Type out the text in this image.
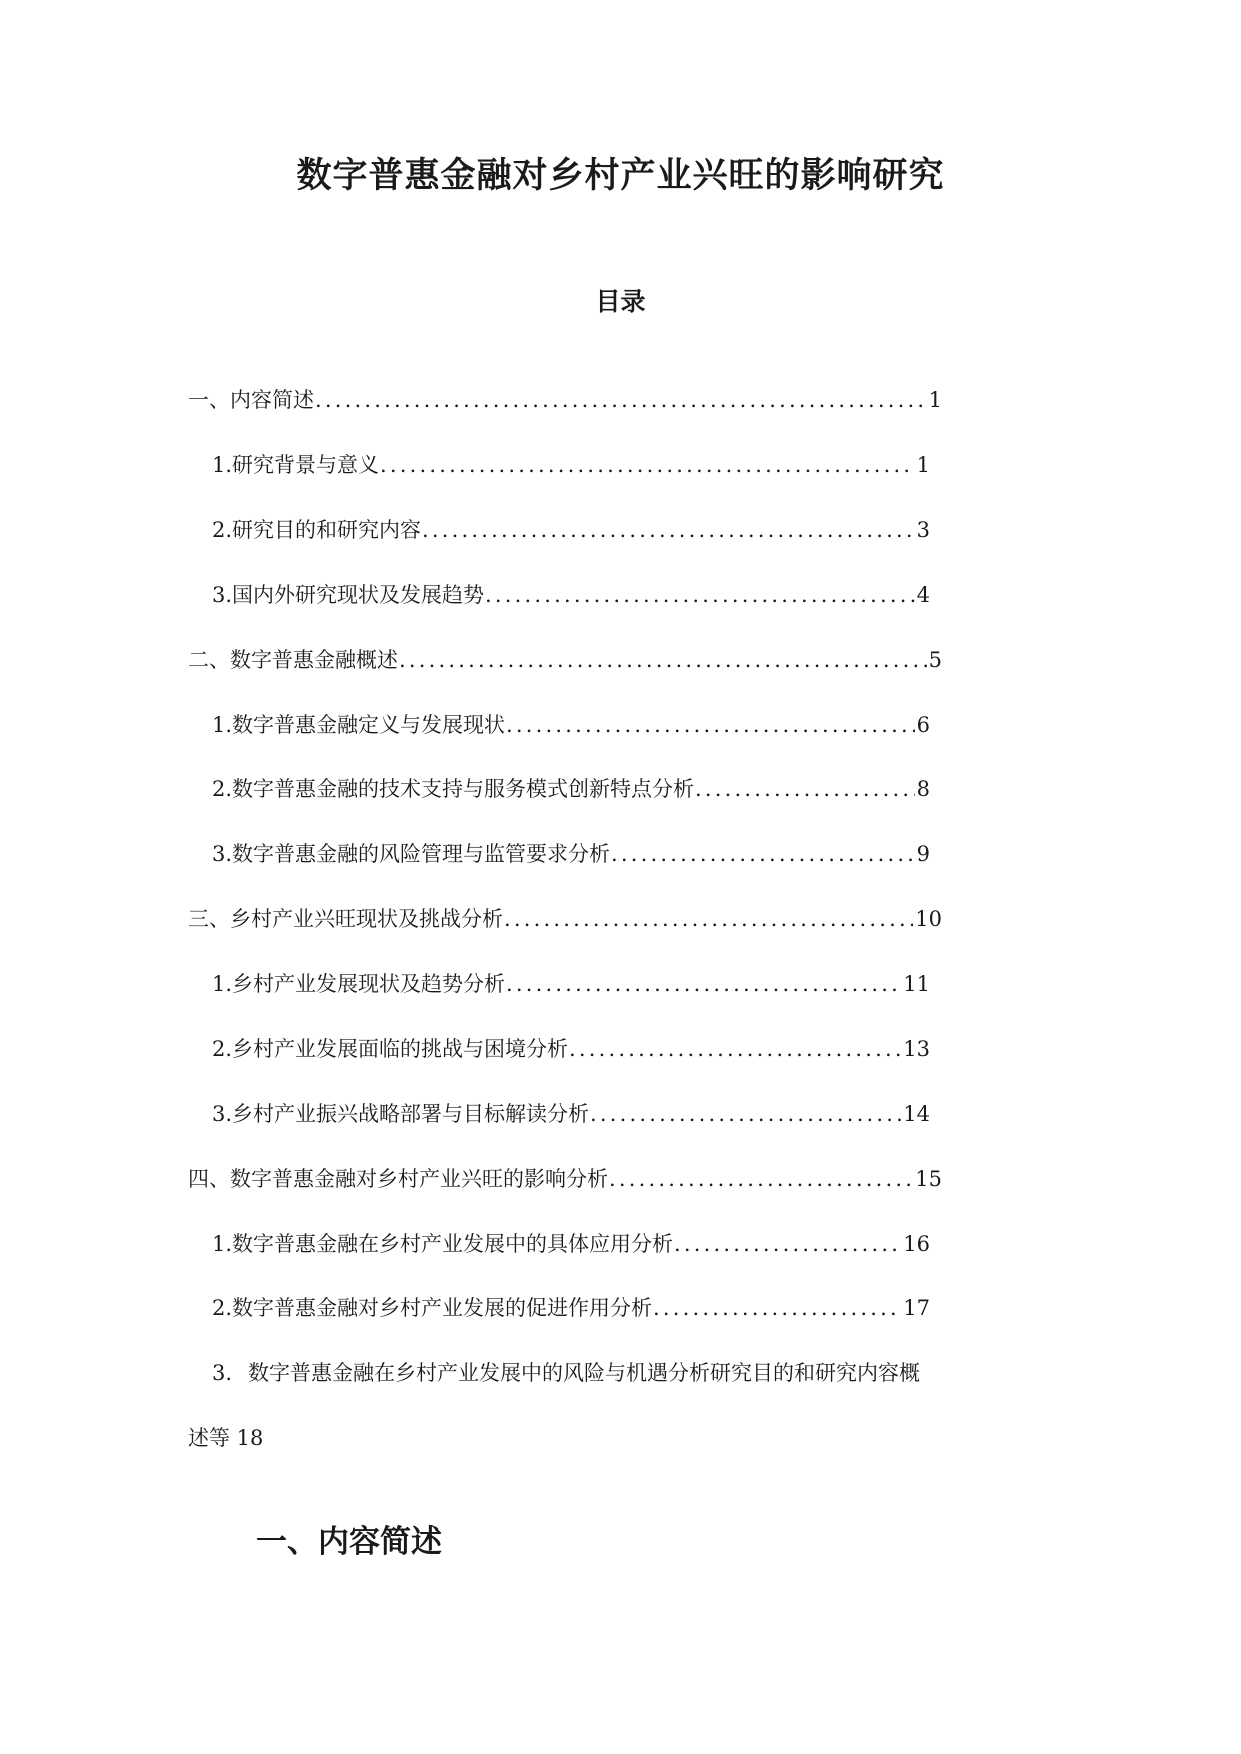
数字普惠金融对乡村产业兴旺的影响研究
目录
一、内容简述 .....	1
1. 研究背景与意义 .....	1
2. 研究目的和研究内容 .....	3
3. 国内外研究现状及发展趋势 .....	4
二、数字普惠金融概述 .....	5
1. 数字普惠金融定义与发展现状 .....	6
2. 数字普惠金融的技术支持与服务模式创新特点分析 .....	8
3. 数字普惠金融的风险管理与监管要求分析 .....	9
三、乡村产业兴旺现状及挑战分析 .....	10
1. 乡村产业发展现状及趋势分析 .....	11
2. 乡村产业发展面临的挑战与困境分析 .....	13
3. 乡村产业振兴战略部署与目标解读分析 .....	14
四、数字普惠金融对乡村产业兴旺的影响分析 .....	15
1. 数字普惠金融在乡村产业发展中的具体应用分析 .....	16
2. 数字普惠金融对乡村产业发展的促进作用分析 .....	17
3. 数字普惠金融在乡村产业发展中的风险与机遇分析研究目的和研究内容概
述等 18
一、内容简述
